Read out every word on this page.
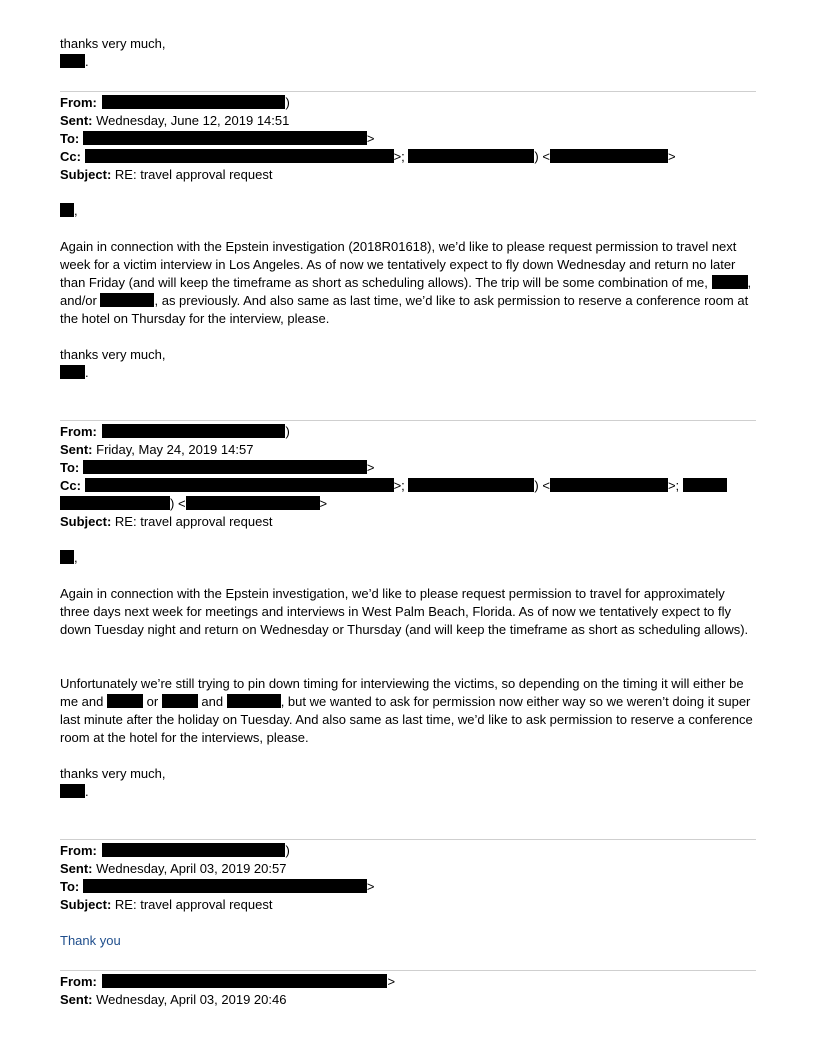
thanks very much,
.
From:	)
Sent: Wednesday, June 12, 2019 14:51
To:	>
Cc:	>;	) <	>
Subject: RE: travel approval request
,
Again in connection with the Epstein investigation (2018R01618), we’d like to please request permission to travel next week for a victim interview in Los Angeles. As of now we tentatively expect to fly down Wednesday and return no later than Friday (and will keep the timeframe as short as scheduling allows). The trip will be some combination of me,	, and/or	, as previously. And also same as last time, we’d like to ask permission to reserve a conference room at the hotel on Thursday for the interview, please.
thanks very much,
.
From:	)
Sent: Friday, May 24, 2019 14:57
To:	>
Cc:	>;	) <	>;
) <	>
Subject: RE: travel approval request
,
Again in connection with the Epstein investigation, we’d like to please request permission to travel for approximately three days next week for meetings and interviews in West Palm Beach, Florida. As of now we tentatively expect to fly down Tuesday night and return on Wednesday or Thursday (and will keep the timeframe as short as scheduling allows).
Unfortunately we’re still trying to pin down timing for interviewing the victims, so depending on the timing it will either be me and	or	and	, but we wanted to ask for permission now either way so we weren’t doing it super last minute after the holiday on Tuesday. And also same as last time, we’d like to ask permission to reserve a conference room at the hotel for the interviews, please.
thanks very much,
.
From:	)
Sent: Wednesday, April 03, 2019 20:57
To:	>
Subject: RE: travel approval request
Thank you
From:	>
Sent: Wednesday, April 03, 2019 20:46
